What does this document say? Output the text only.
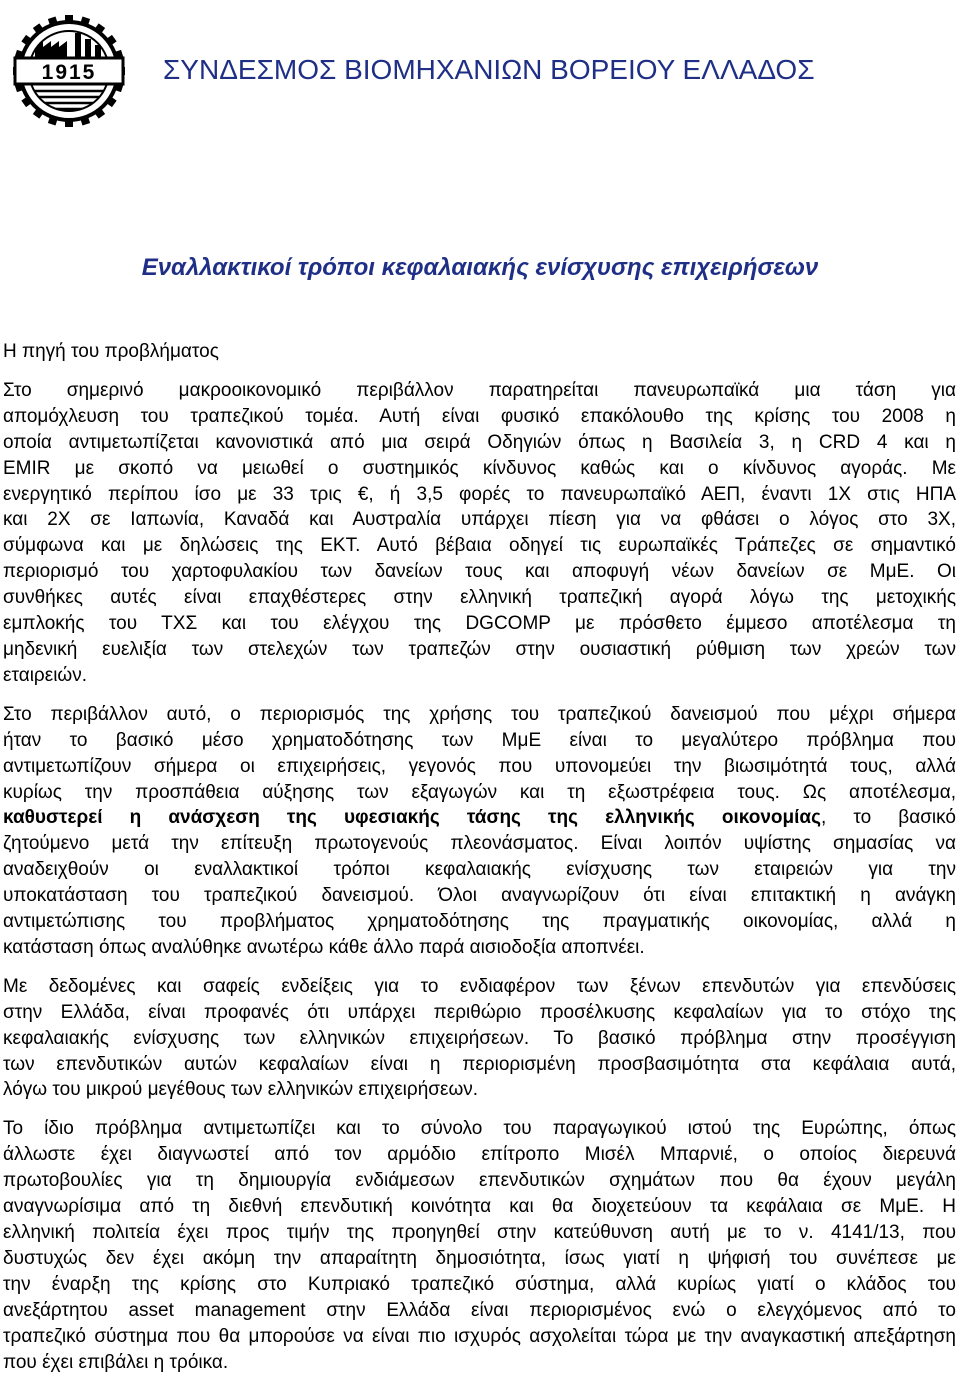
1915 ΣΥΝΔΕΣΜΟΣ ΒΙΟΜΗΧΑΝΙΩΝ ΒΟΡΕΙΟΥ ΕΛΛΑΔΟΣ
Εναλλακτικοί τρόποι κεφαλαιακής ενίσχυσης επιχειρήσεων
Η πηγή του προβλήματος
Στο σημερινό μακροοικονομικό περιβάλλον παρατηρείται πανευρωπαϊκά μια τάση για
απομόχλευση του τραπεζικού τομέα. Αυτή είναι φυσικό επακόλουθο της κρίσης του 2008 η
οποία αντιμετωπίζεται κανονιστικά από μια σειρά Οδηγιών όπως η Βασιλεία 3, η CRD 4 και η
EMIR με σκοπό να μειωθεί ο συστημικός κίνδυνος καθώς και ο κίνδυνος αγοράς. Με
ενεργητικό περίπου ίσο με 33 τρις €, ή 3,5 φορές το πανευρωπαϊκό ΑΕΠ, έναντι 1Χ στις ΗΠΑ
και 2Χ σε Ιαπωνία, Καναδά και Αυστραλία υπάρχει πίεση για να φθάσει ο λόγος στο 3Χ,
σύμφωνα και με δηλώσεις της ΕΚΤ. Αυτό βέβαια οδηγεί τις ευρωπαϊκές Τράπεζες σε σημαντικό
περιορισμό του χαρτοφυλακίου των δανείων τους και αποφυγή νέων δανείων σε ΜμΕ. Οι
συνθήκες αυτές είναι επαχθέστερες στην ελληνική τραπεζική αγορά λόγω της μετοχικής
εμπλοκής του ΤΧΣ και του ελέγχου της DGCOMP με πρόσθετο έμμεσο αποτέλεσμα τη
μηδενική ευελιξία των στελεχών των τραπεζών στην ουσιαστική ρύθμιση των χρεών των
εταιρειών.
Στο περιβάλλον αυτό, ο περιορισμός της χρήσης του τραπεζικού δανεισμού που μέχρι σήμερα
ήταν το βασικό μέσο χρηματοδότησης των ΜμΕ είναι το μεγαλύτερο πρόβλημα που
αντιμετωπίζουν σήμερα οι επιχειρήσεις, γεγονός που υπονομεύει την βιωσιμότητά τους, αλλά
κυρίως την προσπάθεια αύξησης των εξαγωγών και τη εξωστρέφεια τους. Ως αποτέλεσμα,
καθυστερεί η ανάσχεση της υφεσιακής τάσης της ελληνικής οικονομίας, το βασικό
ζητούμενο μετά την επίτευξη πρωτογενούς πλεονάσματος. Είναι λοιπόν υψίστης σημασίας να
αναδειχθούν οι εναλλακτικοί τρόποι κεφαλαιακής ενίσχυσης των εταιρειών για την
υποκατάσταση του τραπεζικού δανεισμού. Όλοι αναγνωρίζουν ότι είναι επιτακτική η ανάγκη
αντιμετώπισης του προβλήματος χρηματοδότησης της πραγματικής οικονομίας, αλλά η
κατάσταση όπως αναλύθηκε ανωτέρω κάθε άλλο παρά αισιοδοξία αποπνέει.
Με δεδομένες και σαφείς ενδείξεις για το ενδιαφέρον των ξένων επενδυτών για επενδύσεις
στην Ελλάδα, είναι προφανές ότι υπάρχει περιθώριο προσέλκυσης κεφαλαίων για το στόχο της
κεφαλαιακής ενίσχυσης των ελληνικών επιχειρήσεων. Το βασικό πρόβλημα στην προσέγγιση
των επενδυτικών αυτών κεφαλαίων είναι η περιορισμένη προσβασιμότητα στα κεφάλαια αυτά,
λόγω του μικρού μεγέθους των ελληνικών επιχειρήσεων.
Το ίδιο πρόβλημα αντιμετωπίζει και το σύνολο του παραγωγικού ιστού της Ευρώπης, όπως
άλλωστε έχει διαγνωστεί από τον αρμόδιο επίτροπο Μισέλ Μπαρνιέ, ο οποίος διερευνά
πρωτοβουλίες για τη δημιουργία ενδιάμεσων επενδυτικών σχημάτων που θα έχουν μεγάλη
αναγνωρίσιμα από τη διεθνή επενδυτική κοινότητα και θα διοχετεύουν τα κεφάλαια σε ΜμΕ. Η
ελληνική πολιτεία έχει προς τιμήν της προηγηθεί στην κατεύθυνση αυτή με το ν. 4141/13, που
δυστυχώς δεν έχει ακόμη την απαραίτητη δημοσιότητα, ίσως γιατί η ψήφισή του συνέπεσε με
την έναρξη της κρίσης στο Κυπριακό τραπεζικό σύστημα, αλλά κυρίως γιατί ο κλάδος του
ανεξάρτητου asset management στην Ελλάδα είναι περιορισμένος ενώ ο ελεγχόμενος από το
τραπεζικό σύστημα που θα μπορούσε να είναι πιο ισχυρός ασχολείται τώρα με την αναγκαστική απεξάρτηση
που έχει επιβάλει η τρόικα.
